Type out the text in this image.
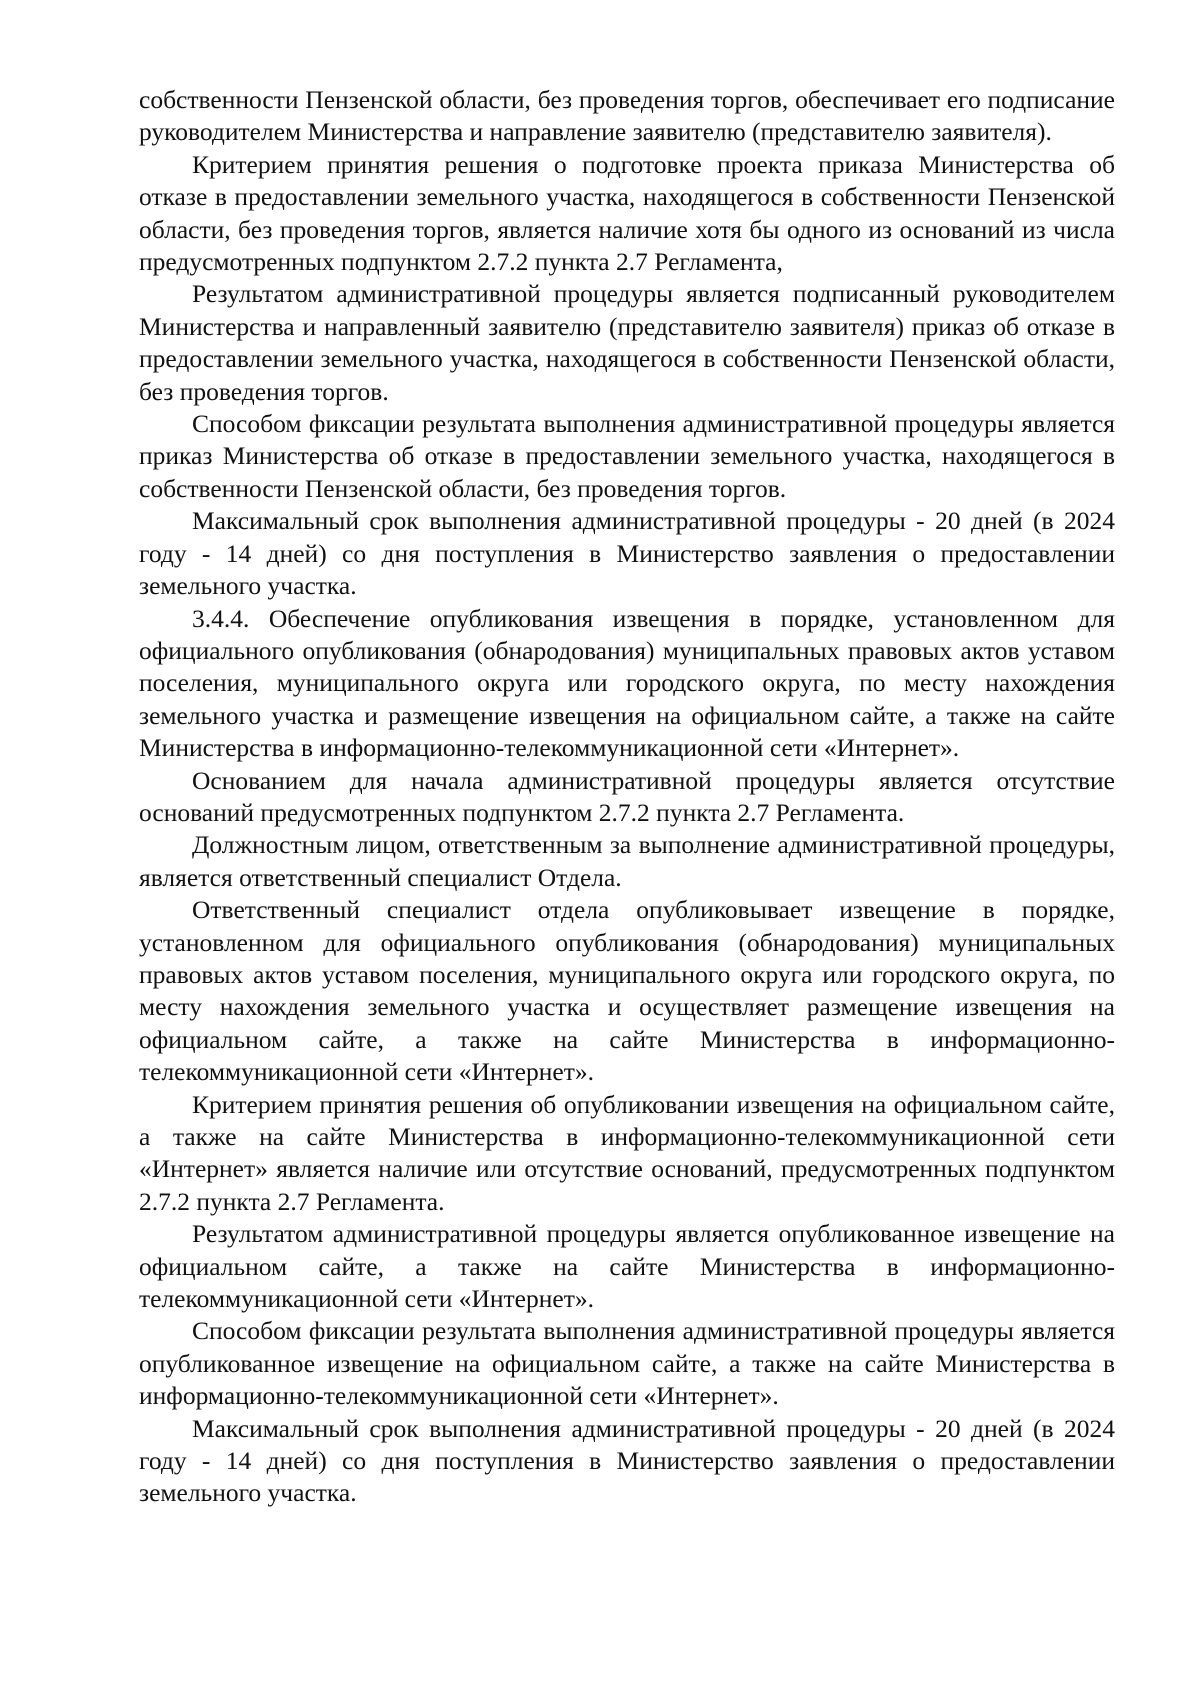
собственности Пензенской области, без проведения торгов, обеспечивает его подписание руководителем Министерства и направление заявителю (представителю заявителя).

Критерием принятия решения о подготовке проекта приказа Министерства об отказе в предоставлении земельного участка, находящегося в собственности Пензенской области, без проведения торгов, является наличие хотя бы одного из оснований из числа предусмотренных подпунктом 2.7.2 пункта 2.7 Регламента,

Результатом административной процедуры является подписанный руководителем Министерства и направленный заявителю (представителю заявителя) приказ об отказе в предоставлении земельного участка, находящегося в собственности Пензенской области, без проведения торгов.

Способом фиксации результата выполнения административной процедуры является приказ Министерства об отказе в предоставлении земельного участка, находящегося в собственности Пензенской области, без проведения торгов.

Максимальный срок выполнения административной процедуры - 20 дней (в 2024 году - 14 дней) со дня поступления в Министерство заявления о предоставлении земельного участка.

3.4.4. Обеспечение опубликования извещения в порядке, установленном для официального опубликования (обнародования) муниципальных правовых актов уставом поселения, муниципального округа или городского округа, по месту нахождения земельного участка и размещение извещения на официальном сайте, а также на сайте Министерства в информационно-телекоммуникационной сети «Интернет».

Основанием для начала административной процедуры является отсутствие оснований предусмотренных подпунктом 2.7.2 пункта 2.7 Регламента.

Должностным лицом, ответственным за выполнение административной процедуры, является ответственный специалист Отдела.

Ответственный специалист отдела опубликовывает извещение в порядке, установленном для официального опубликования (обнародования) муниципальных правовых актов уставом поселения, муниципального округа или городского округа, по месту нахождения земельного участка и осуществляет размещение извещения на официальном сайте, а также на сайте Министерства в информационно-телекоммуникационной сети «Интернет».

Критерием принятия решения об опубликовании извещения на официальном сайте, а также на сайте Министерства в информационно-телекоммуникационной сети «Интернет» является наличие или отсутствие оснований, предусмотренных подпунктом 2.7.2 пункта 2.7 Регламента.

Результатом административной процедуры является опубликованное извещение на официальном сайте, а также на сайте Министерства в информационно-телекоммуникационной сети «Интернет».

Способом фиксации результата выполнения административной процедуры является опубликованное извещение на официальном сайте, а также на сайте Министерства в информационно-телекоммуникационной сети «Интернет».

Максимальный срок выполнения административной процедуры - 20 дней (в 2024 году - 14 дней) со дня поступления в Министерство заявления о предоставлении земельного участка.
